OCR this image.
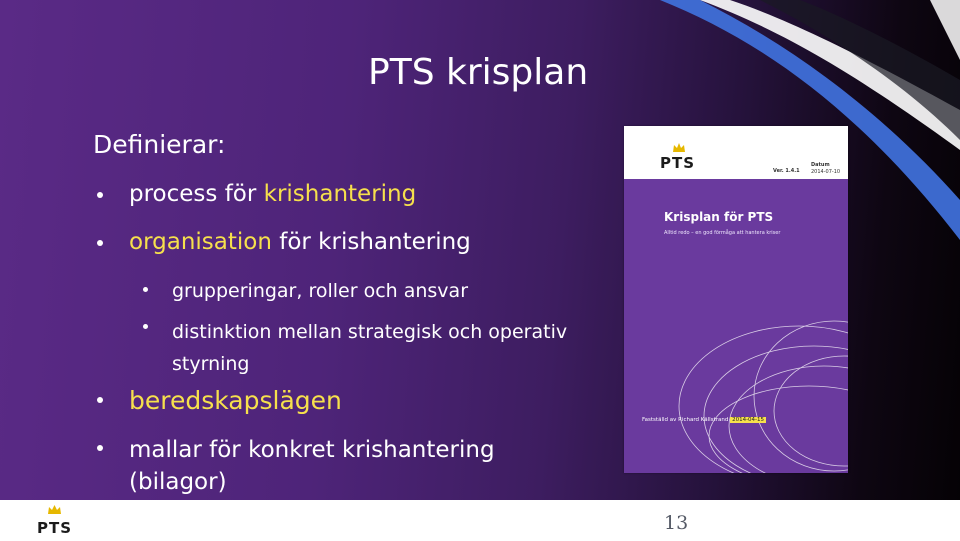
PTS krisplan
Definierar:
process för krishantering
organisation för krishantering
grupperingar, roller och ansvar
distinktion mellan strategisk och operativ styrning
beredskapslägen
mallar för konkret krishantering (bilagor)
PTS	Ver. 1.4.1
Datum
2014-07-10
Krisplan för PTS
Alltid redo – en god förmåga att hantera kriser
Fastställd av Richard Källstrand 2014-04-15
PTS	13
